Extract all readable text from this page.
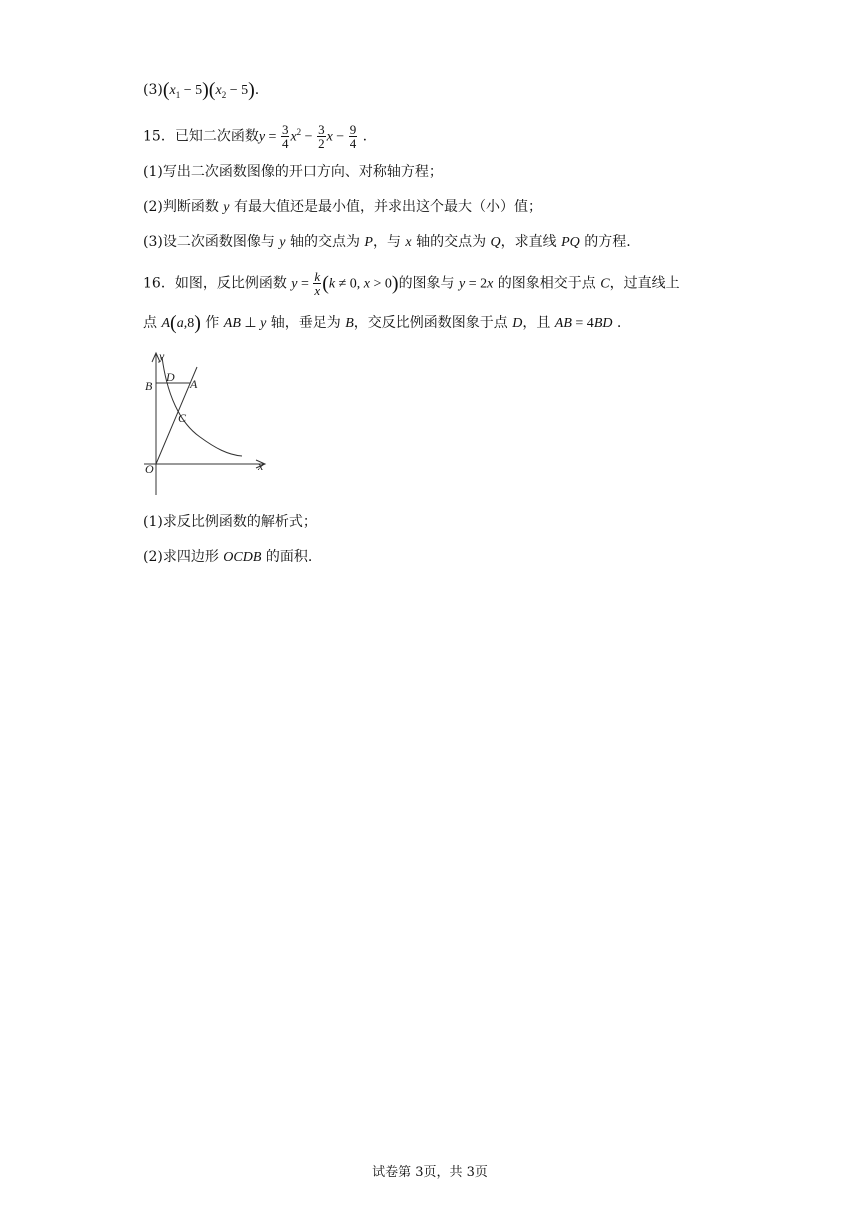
$(3)(x_1 - 5)(x_2 - 5)$.
15．已知二次函数$y = \frac{3}{4} x^2 - \frac{3}{2}$ $x - \frac{9}{4}$ .
(1)写出二次函数图像的开口方向、对称轴方程；
(2)判断函数 y 有最大值还是最小值，并求出这个最大（小）值；
(3)设二次函数图像与 y 轴的交点为 P，与 x 轴的交点为 Q，求直线 PQ 的方程.
16．如图，反比例函数 $y = \frac{k}{x} (k \ne 0$, x > 0)的图象与 y = 2x 的图象相交于点 C，过直线上
点 A(a,8) 作 AB ⊥ y 轴，垂足为 B，交反比例函数图象于点 D，且 AB = 4BD .
y
x
O
B
D A
C
(1)求反比例函数的解析式；
(2)求四边形 OCDB 的面积.
试卷第 3页，共 3页
